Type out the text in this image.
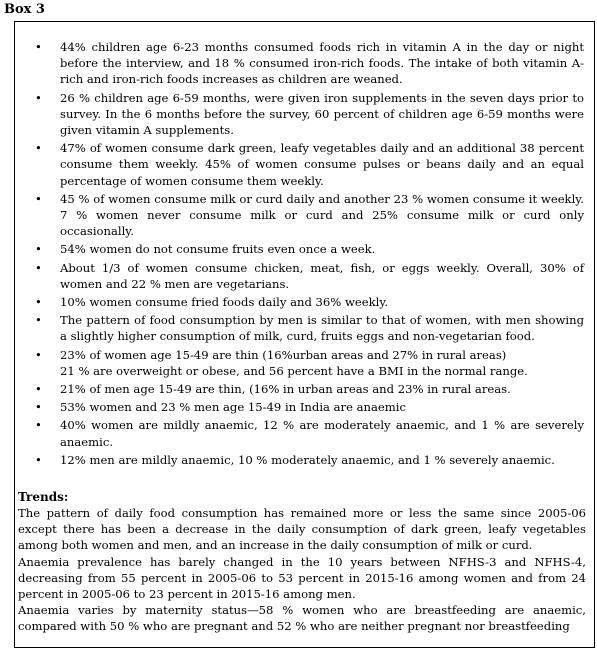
Box 3
• 44% children age 6-23 months consumed foods rich in vitamin A in the day or night before the interview, and 18 % consumed iron-rich foods. The intake of both vitamin A-rich and iron-rich foods increases as children are weaned.
• 26 % children age 6-59 months, were given iron supplements in the seven days prior to survey. In the 6 months before the survey, 60 percent of children age 6-59 months were given vitamin A supplements.
• 47% of women consume dark green, leafy vegetables daily and an additional 38 percent consume them weekly. 45% of women consume pulses or beans daily and an equal percentage of women consume them weekly.
• 45 % of women consume milk or curd daily and another 23 % women consume it weekly. 7 % women never consume milk or curd and 25% consume milk or curd only occasionally.
• 54% women do not consume fruits even once a week.
• About 1/3 of women consume chicken, meat, fish, or eggs weekly. Overall, 30% of women and 22 % men are vegetarians.
• 10% women consume fried foods daily and 36% weekly.
• The pattern of food consumption by men is similar to that of women, with men showing a slightly higher consumption of milk, curd, fruits eggs and non-vegetarian food.
• 23% of women age 15-49 are thin (16%urban areas and 27% in rural areas)
21 % are overweight or obese, and 56 percent have a BMI in the normal range.
• 21% of men age 15-49 are thin, (16% in urban areas and 23% in rural areas.
• 53% women and 23 % men age 15-49 in India are anaemic
• 40% women are mildly anaemic, 12 % are moderately anaemic, and 1 % are severely anaemic.
• 12% men are mildly anaemic, 10 % moderately anaemic, and 1 % severely anaemic.
Trends:

The pattern of daily food consumption has remained more or less the same since 2005-06 except there has been a decrease in the daily consumption of dark green, leafy vegetables among both women and men, and an increase in the daily consumption of milk or curd.

Anaemia prevalence has barely changed in the 10 years between NFHS-3 and NFHS-4, decreasing from 55 percent in 2005-06 to 53 percent in 2015-16 among women and from 24 percent in 2005-06 to 23 percent in 2015-16 among men.

Anaemia varies by maternity status—58 % women who are breastfeeding are anaemic, compared with 50 % who are pregnant and 52 % who are neither pregnant nor breastfeeding
